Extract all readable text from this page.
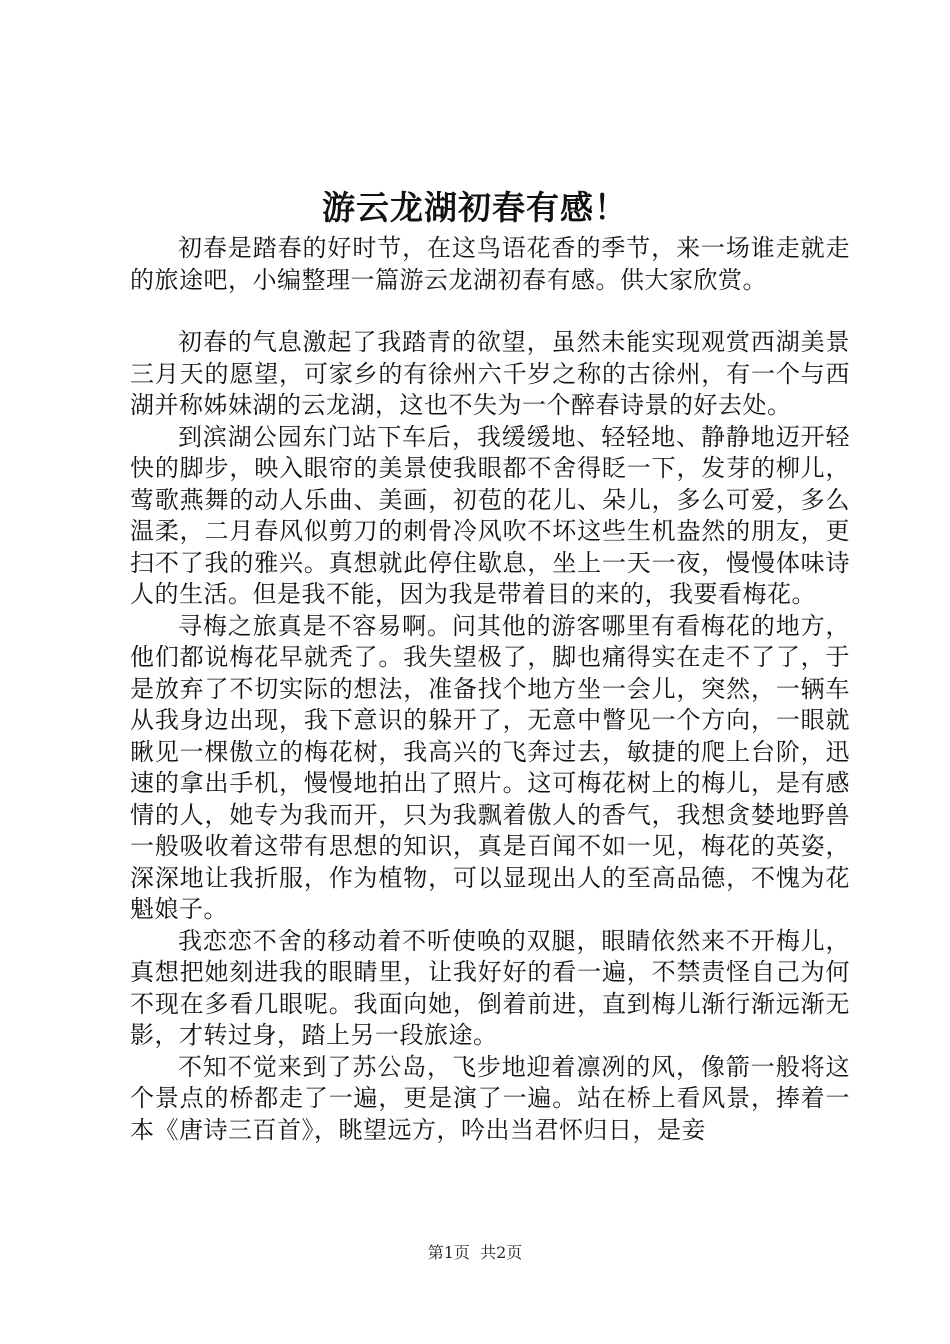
游云龙湖初春有感！

初春是踏春的好时节，在这鸟语花香的季节，来一场谁走就走的旅途吧，小编整理一篇游云龙湖初春有感。供大家欣赏。

初春的气息激起了我踏青的欲望，虽然未能实现观赏西湖美景三月天的愿望，可家乡的有徐州六千岁之称的古徐州，有一个与西湖并称姊妹湖的云龙湖，这也不失为一个醉春诗景的好去处。

到滨湖公园东门站下车后，我缓缓地、轻轻地、静静地迈开轻快的脚步，映入眼帘的美景使我眼都不舍得眨一下，发芽的柳儿，莺歌燕舞的动人乐曲、美画，初苞的花儿、朵儿，多么可爱，多么温柔，二月春风似剪刀的刺骨冷风吹不坏这些生机盎然的朋友，更扫不了我的雅兴。真想就此停住歇息，坐上一天一夜，慢慢体味诗人的生活。但是我不能，因为我是带着目的来的，我要看梅花。

寻梅之旅真是不容易啊。问其他的游客哪里有看梅花的地方，他们都说梅花早就秃了。我失望极了，脚也痛得实在走不了了，于是放弃了不切实际的想法，准备找个地方坐一会儿，突然，一辆车从我身边出现，我下意识的躲开了，无意中瞥见一个方向，一眼就瞅见一棵傲立的梅花树，我高兴的飞奔过去，敏捷的爬上台阶，迅速的拿出手机，慢慢地拍出了照片。这可梅花树上的梅儿，是有感情的人，她专为我而开，只为我飘着傲人的香气，我想贪婪地野兽一般吸收着这带有思想的知识，真是百闻不如一见，梅花的英姿，深深地让我折服，作为植物，可以显现出人的至高品德，不愧为花魁娘子。

我恋恋不舍的移动着不听使唤的双腿，眼睛依然来不开梅儿，真想把她刻进我的眼睛里，让我好好的看一遍，不禁责怪自己为何不现在多看几眼呢。我面向她，倒着前进，直到梅儿渐行渐远渐无影，才转过身，踏上另一段旅途。

不知不觉来到了苏公岛，飞步地迎着凛冽的风，像箭一般将这个景点的桥都走了一遍，更是演了一遍。站在桥上看风景，捧着一本《唐诗三百首》，眺望远方，吟出当君怀归日，是妾

第1页 共2页
